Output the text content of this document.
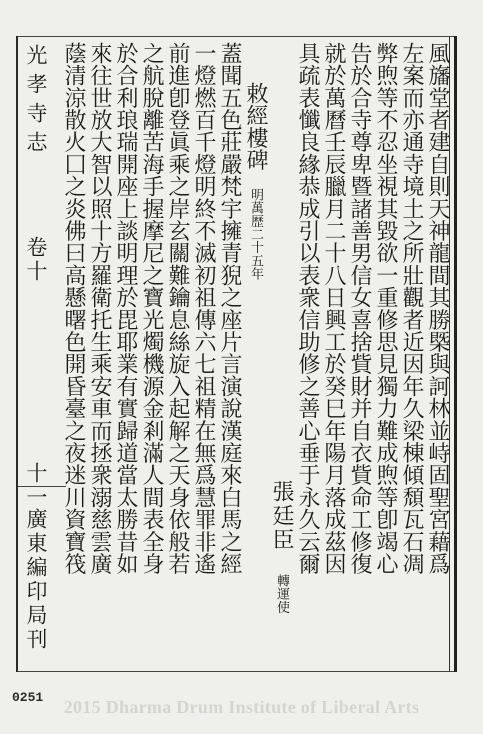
風旛堂者建自則天神龍間其勝槩與訶林並峙固聖宮藉爲
左案而亦通寺境土之所壯觀者近因年久梁棟傾頹瓦石凋
弊煦等不忍坐視其毀欲一重修思見獨力難成煦等卽竭心
告於合寺尊卑暨諸善男信女喜捨貲財并自衣貲命工修復
就於萬曆壬辰臘月二十八日興工於癸巳年陽月落成茲因
具疏表懺良緣恭成引以表衆信助修之善心垂于永久云爾
張廷臣
轉運使
敕經樓碑
明萬歷二十五年
蓋聞五色莊嚴梵宇擁青猊之座片言演說漢庭來白馬之經
一燈燃百千燈明終不滅初祖傳六七祖精在無爲慧罪非遙
前進卽登眞乘之岸玄關難鑰息絲旋入起解之天身依般若
之航脫離苦海手握摩尼之寶光燭機源金剎滿人間表全身
於合利琅瑞開座上談明理於毘耶業有實歸道當太勝昔如
來往世放大智以照十方羅衛托生乘安車而拯衆溺慈雲廣
蔭清涼散火囗之炎佛曰高懸曙色開昏臺之夜迷川資寶筏
光孝寺志
卷十
十一
廣東編印局刊
0251	2015 Dharma Drum Institute of Liberal Arts
